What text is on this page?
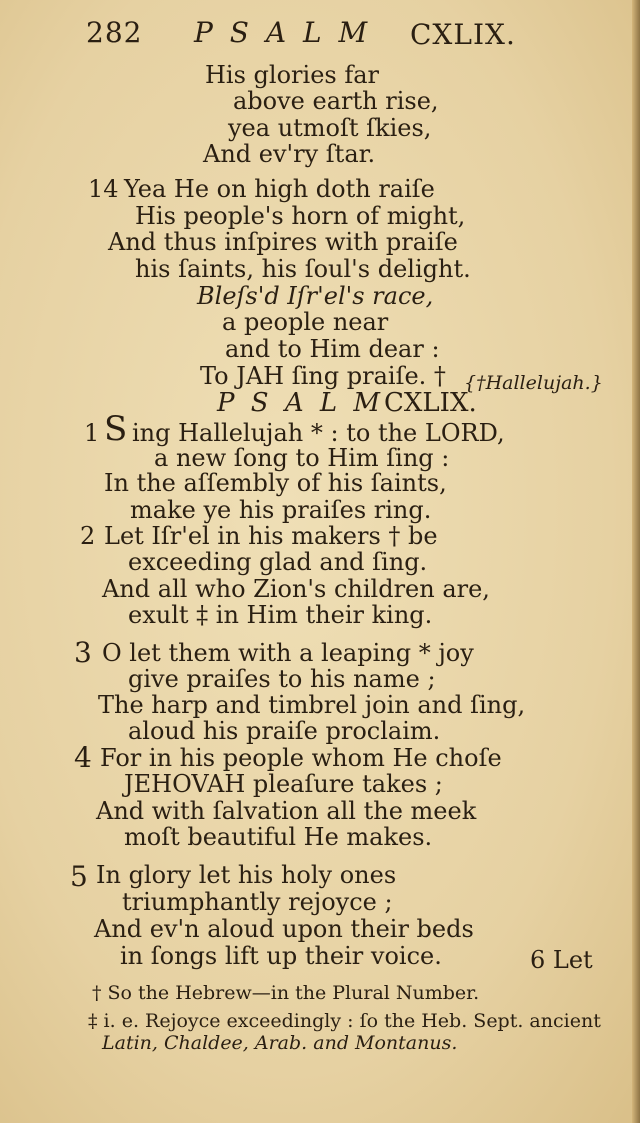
282 P S A L M CXLIX.
His glories far
above earth rise,
yea utmoſt ſkies,
And ev'ry ſtar.
14 Yea He on high doth raiſe
His people's horn of might,
And thus inſpires with praiſe
his ſaints, his ſoul's delight.
Bleſs'd Iſr'el's race,
a people near
and to Him dear :
To JAH ſing praiſe. † {†Hallelujah.}
P S A L M CXLIX.
1 S ing Hallelujah * : to the LORD,
a new ſong to Him ſing :
In the aſſembly of his ſaints,
make ye his praiſes ring.
2 Let Iſr'el in his makers † be
exceeding glad and ſing.
And all who Zion's children are,
exult ‡ in Him their king.
3 O let them with a leaping * joy
give praiſes to his name ;
The harp and timbrel join and ſing,
aloud his praiſe proclaim.
4 For in his people whom He choſe
JEHOVAH pleaſure takes ;
And with ſalvation all the meek
moſt beautiful He makes.
5 In glory let his holy ones
triumphantly rejoyce ;
And ev'n aloud upon their beds
in ſongs lift up their voice.	6 Let
† So the Hebrew—in the Plural Number.
‡ i. e. Rejoyce exceedingly : ſo the Heb. Sept. ancient
Latin, Chaldee, Arab. and Montanus.
